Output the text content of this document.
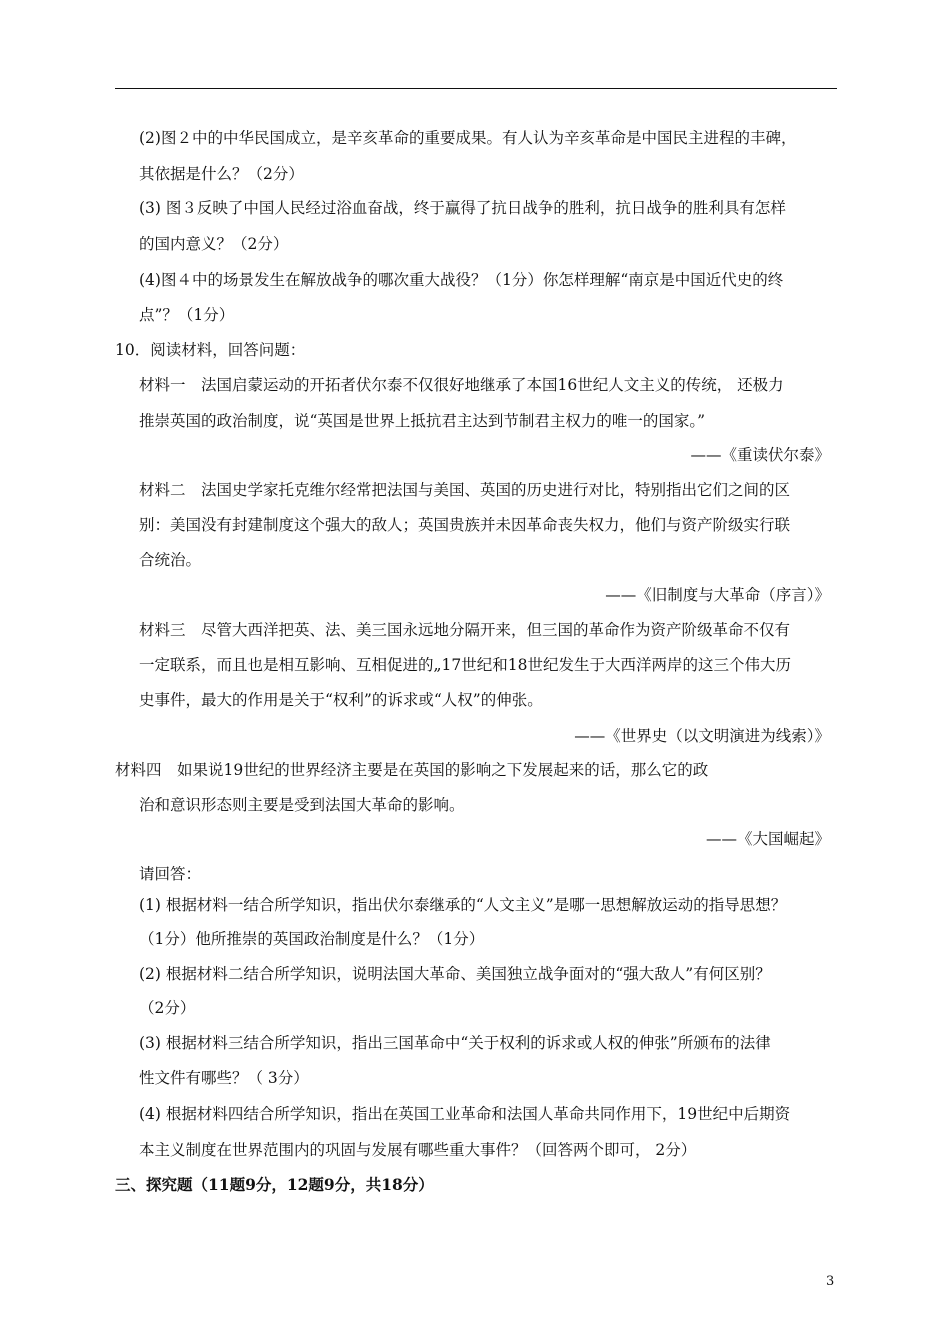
(2)图２中的中华民国成立，是辛亥革命的重要成果。有人认为辛亥革命是中国民主进程的丰碑，
其依据是什么？（2分）
(3) 图３反映了中国人民经过浴血奋战，终于赢得了抗日战争的胜利，抗日战争的胜利具有怎样
的国内意义？（2分）
(4)图４中的场景发生在解放战争的哪次重大战役？（1分）你怎样理解“南京是中国近代史的终
点”？（1分）
10．阅读材料，回答问题：
材料一　法国启蒙运动的开拓者伏尔泰不仅很好地继承了本国16世纪人文主义的传统， 还极力
推崇英国的政治制度，说“英国是世界上抵抗君主达到节制君主权力的唯一的国家。”
——《重读伏尔泰》
材料二　法国史学家托克维尔经常把法国与美国、英国的历史进行对比，特别指出它们之间的区
别：美国没有封建制度这个强大的敌人；英国贵族并未因革命丧失权力，他们与资产阶级实行联
合统治。
——《旧制度与大革命（序言）》
材料三　尽管大西洋把英、法、美三国永远地分隔开来，但三国的革命作为资产阶级革命不仅有
一定联系，而且也是相互影响、互相促进的„17世纪和18世纪发生于大西洋两岸的这三个伟大历
史事件，最大的作用是关于“权利”的诉求或“人权”的伸张。
——《世界史（以文明演进为线索）》
材料四　如果说19世纪的世界经济主要是在英国的影响之下发展起来的话，那么它的政
治和意识形态则主要是受到法国大革命的影响。
——《大国崛起》
请回答：
(1) 根据材料一结合所学知识，指出伏尔泰继承的“人文主义”是哪一思想解放运动的指导思想？
（1分）他所推崇的英国政治制度是什么？（1分）
(2) 根据材料二结合所学知识，说明法国大革命、美国独立战争面对的“强大敌人”有何区别？
（2分）
(3) 根据材料三结合所学知识，指出三国革命中“关于权利的诉求或人权的伸张”所颁布的法律
性文件有哪些？（ 3分）
(4) 根据材料四结合所学知识，指出在英国工业革命和法国人革命共同作用下，19世纪中后期资
本主义制度在世界范围内的巩固与发展有哪些重大事件？（回答两个即可， 2分）
三、探究题（11题9分，12题9分，共18分）
3
